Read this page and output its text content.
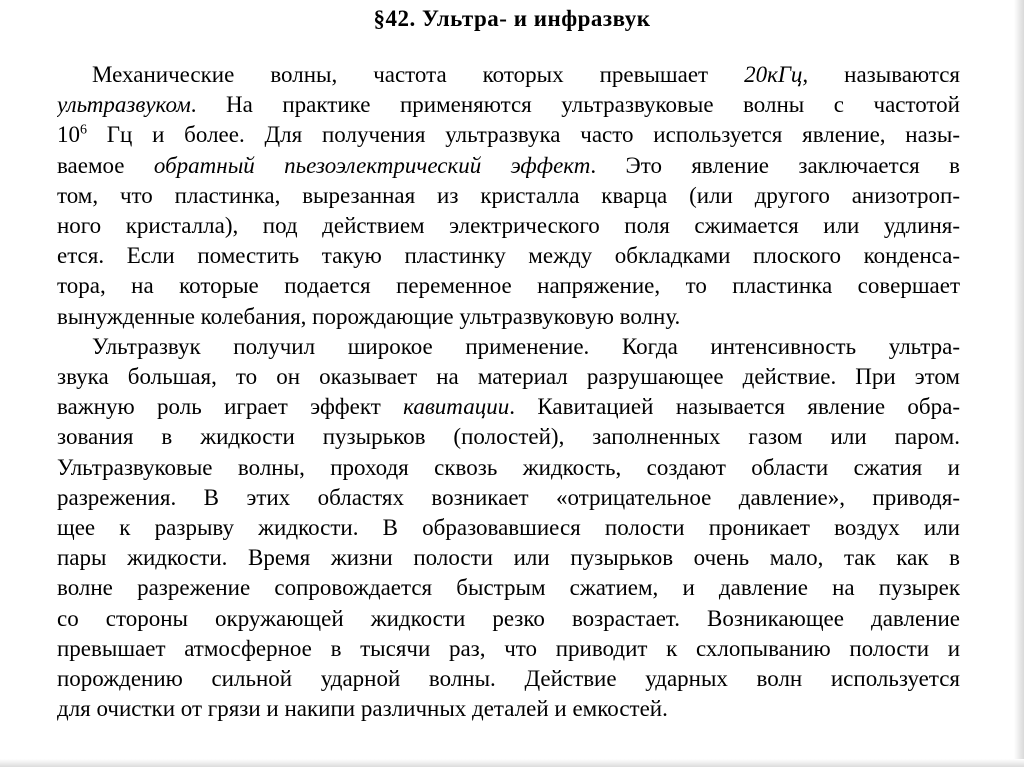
§42. Ультра- и инфразвук
Механические волны, частота которых превышает 20кГц, называются
ультразвуком. На практике применяются ультразвуковые волны с частотой
$10^6$ Гц и более. Для получения ультразвука часто используется явление, назы-
ваемое обратный пьезоэлектрический эффект. Это явление заключается в
том, что пластинка, вырезанная из кристалла кварца (или другого анизотроп-
ного кристалла), под действием электрического поля сжимается или удлиня-
ется. Если поместить такую пластинку между обкладками плоского конденса-
тора, на которые подается переменное напряжение, то пластинка совершает
вынужденные колебания, порождающие ультразвуковую волну.
Ультразвук получил широкое применение. Когда интенсивность ультра-
звука большая, то он оказывает на материал разрушающее действие. При этом
важную роль играет эффект кавитации. Кавитацией называется явление обра-
зования в жидкости пузырьков (полостей), заполненных газом или паром.
Ультразвуковые волны, проходя сквозь жидкость, создают области сжатия и
разрежения. В этих областях возникает «отрицательное давление», приводя-
щее к разрыву жидкости. В образовавшиеся полости проникает воздух или
пары жидкости. Время жизни полости или пузырьков очень мало, так как в
волне разрежение сопровождается быстрым сжатием, и давление на пузырек
со стороны окружающей жидкости резко возрастает. Возникающее давление
превышает атмосферное в тысячи раз, что приводит к схлопыванию полости и
порождению сильной ударной волны. Действие ударных волн используется
для очистки от грязи и накипи различных деталей и емкостей.
